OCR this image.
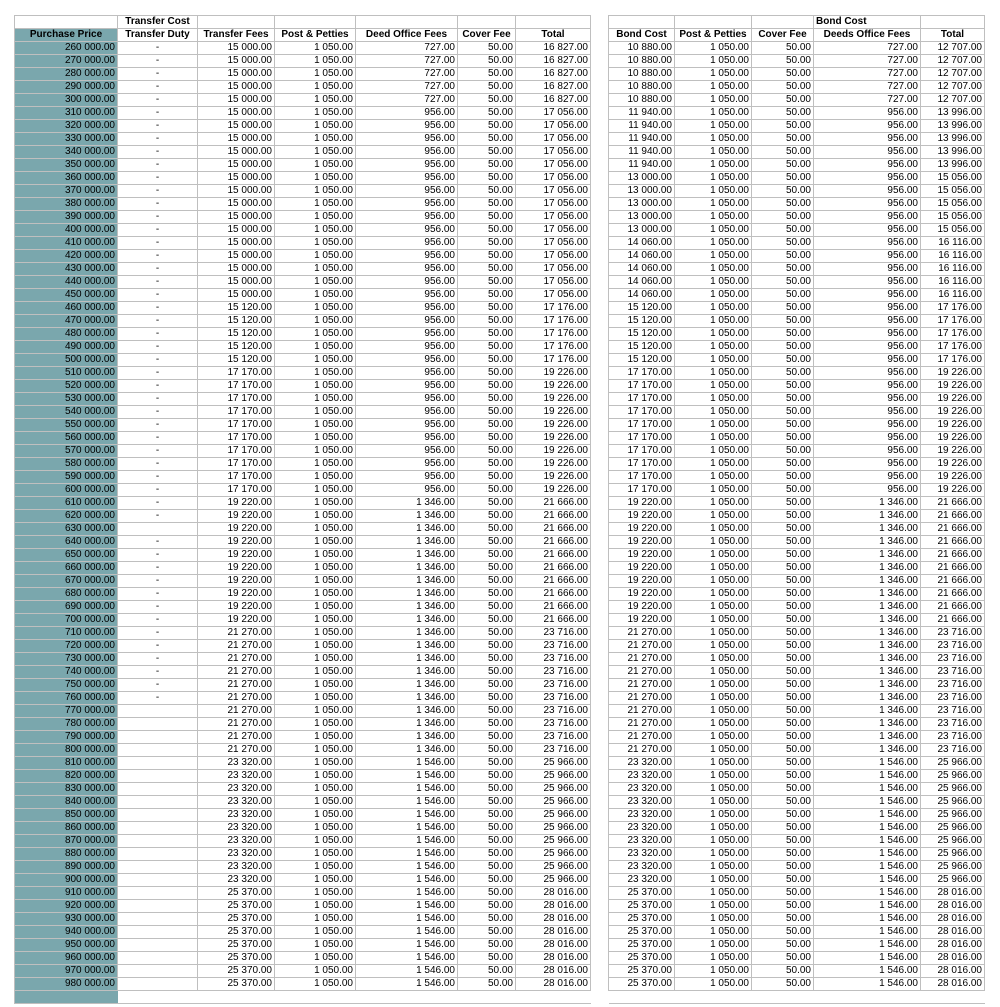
	Transfer Cost										Bond Cost	
Purchase Price	Transfer Duty	Transfer Fees	Post & Petties	Deed Office Fees	Cover Fee	Total		Bond Cost	Post & Petties	Cover Fee	Deeds Office Fees	Total
260 000.00	-	15 000.00	1 050.00	727.00	50.00	16 827.00		10 880.00	1 050.00	50.00	727.00	12 707.00
270 000.00	-	15 000.00	1 050.00	727.00	50.00	16 827.00		10 880.00	1 050.00	50.00	727.00	12 707.00
280 000.00	-	15 000.00	1 050.00	727.00	50.00	16 827.00		10 880.00	1 050.00	50.00	727.00	12 707.00
290 000.00	-	15 000.00	1 050.00	727.00	50.00	16 827.00		10 880.00	1 050.00	50.00	727.00	12 707.00
300 000.00	-	15 000.00	1 050.00	727.00	50.00	16 827.00		10 880.00	1 050.00	50.00	727.00	12 707.00
310 000.00	-	15 000.00	1 050.00	956.00	50.00	17 056.00		11 940.00	1 050.00	50.00	956.00	13 996.00
320 000.00	-	15 000.00	1 050.00	956.00	50.00	17 056.00		11 940.00	1 050.00	50.00	956.00	13 996.00
330 000.00	-	15 000.00	1 050.00	956.00	50.00	17 056.00		11 940.00	1 050.00	50.00	956.00	13 996.00
340 000.00	-	15 000.00	1 050.00	956.00	50.00	17 056.00		11 940.00	1 050.00	50.00	956.00	13 996.00
350 000.00	-	15 000.00	1 050.00	956.00	50.00	17 056.00		11 940.00	1 050.00	50.00	956.00	13 996.00
360 000.00	-	15 000.00	1 050.00	956.00	50.00	17 056.00		13 000.00	1 050.00	50.00	956.00	15 056.00
370 000.00	-	15 000.00	1 050.00	956.00	50.00	17 056.00		13 000.00	1 050.00	50.00	956.00	15 056.00
380 000.00	-	15 000.00	1 050.00	956.00	50.00	17 056.00		13 000.00	1 050.00	50.00	956.00	15 056.00
390 000.00	-	15 000.00	1 050.00	956.00	50.00	17 056.00		13 000.00	1 050.00	50.00	956.00	15 056.00
400 000.00	-	15 000.00	1 050.00	956.00	50.00	17 056.00		13 000.00	1 050.00	50.00	956.00	15 056.00
410 000.00	-	15 000.00	1 050.00	956.00	50.00	17 056.00		14 060.00	1 050.00	50.00	956.00	16 116.00
420 000.00	-	15 000.00	1 050.00	956.00	50.00	17 056.00		14 060.00	1 050.00	50.00	956.00	16 116.00
430 000.00	-	15 000.00	1 050.00	956.00	50.00	17 056.00		14 060.00	1 050.00	50.00	956.00	16 116.00
440 000.00	-	15 000.00	1 050.00	956.00	50.00	17 056.00		14 060.00	1 050.00	50.00	956.00	16 116.00
450 000.00	-	15 000.00	1 050.00	956.00	50.00	17 056.00		14 060.00	1 050.00	50.00	956.00	16 116.00
460 000.00	-	15 120.00	1 050.00	956.00	50.00	17 176.00		15 120.00	1 050.00	50.00	956.00	17 176.00
470 000.00	-	15 120.00	1 050.00	956.00	50.00	17 176.00		15 120.00	1 050.00	50.00	956.00	17 176.00
480 000.00	-	15 120.00	1 050.00	956.00	50.00	17 176.00		15 120.00	1 050.00	50.00	956.00	17 176.00
490 000.00	-	15 120.00	1 050.00	956.00	50.00	17 176.00		15 120.00	1 050.00	50.00	956.00	17 176.00
500 000.00	-	15 120.00	1 050.00	956.00	50.00	17 176.00		15 120.00	1 050.00	50.00	956.00	17 176.00
510 000.00	-	17 170.00	1 050.00	956.00	50.00	19 226.00		17 170.00	1 050.00	50.00	956.00	19 226.00
520 000.00	-	17 170.00	1 050.00	956.00	50.00	19 226.00		17 170.00	1 050.00	50.00	956.00	19 226.00
530 000.00	-	17 170.00	1 050.00	956.00	50.00	19 226.00		17 170.00	1 050.00	50.00	956.00	19 226.00
540 000.00	-	17 170.00	1 050.00	956.00	50.00	19 226.00		17 170.00	1 050.00	50.00	956.00	19 226.00
550 000.00	-	17 170.00	1 050.00	956.00	50.00	19 226.00		17 170.00	1 050.00	50.00	956.00	19 226.00
560 000.00	-	17 170.00	1 050.00	956.00	50.00	19 226.00		17 170.00	1 050.00	50.00	956.00	19 226.00
570 000.00	-	17 170.00	1 050.00	956.00	50.00	19 226.00		17 170.00	1 050.00	50.00	956.00	19 226.00
580 000.00	-	17 170.00	1 050.00	956.00	50.00	19 226.00		17 170.00	1 050.00	50.00	956.00	19 226.00
590 000.00	-	17 170.00	1 050.00	956.00	50.00	19 226.00		17 170.00	1 050.00	50.00	956.00	19 226.00
600 000.00	-	17 170.00	1 050.00	956.00	50.00	19 226.00		17 170.00	1 050.00	50.00	956.00	19 226.00
610 000.00	-	19 220.00	1 050.00	1 346.00	50.00	21 666.00		19 220.00	1 050.00	50.00	1 346.00	21 666.00
620 000.00	-	19 220.00	1 050.00	1 346.00	50.00	21 666.00		19 220.00	1 050.00	50.00	1 346.00	21 666.00
630 000.00		19 220.00	1 050.00	1 346.00	50.00	21 666.00		19 220.00	1 050.00	50.00	1 346.00	21 666.00
640 000.00	-	19 220.00	1 050.00	1 346.00	50.00	21 666.00		19 220.00	1 050.00	50.00	1 346.00	21 666.00
650 000.00	-	19 220.00	1 050.00	1 346.00	50.00	21 666.00		19 220.00	1 050.00	50.00	1 346.00	21 666.00
660 000.00	-	19 220.00	1 050.00	1 346.00	50.00	21 666.00		19 220.00	1 050.00	50.00	1 346.00	21 666.00
670 000.00	-	19 220.00	1 050.00	1 346.00	50.00	21 666.00		19 220.00	1 050.00	50.00	1 346.00	21 666.00
680 000.00	-	19 220.00	1 050.00	1 346.00	50.00	21 666.00		19 220.00	1 050.00	50.00	1 346.00	21 666.00
690 000.00	-	19 220.00	1 050.00	1 346.00	50.00	21 666.00		19 220.00	1 050.00	50.00	1 346.00	21 666.00
700 000.00	-	19 220.00	1 050.00	1 346.00	50.00	21 666.00		19 220.00	1 050.00	50.00	1 346.00	21 666.00
710 000.00	-	21 270.00	1 050.00	1 346.00	50.00	23 716.00		21 270.00	1 050.00	50.00	1 346.00	23 716.00
720 000.00	-	21 270.00	1 050.00	1 346.00	50.00	23 716.00		21 270.00	1 050.00	50.00	1 346.00	23 716.00
730 000.00	-	21 270.00	1 050.00	1 346.00	50.00	23 716.00		21 270.00	1 050.00	50.00	1 346.00	23 716.00
740 000.00	-	21 270.00	1 050.00	1 346.00	50.00	23 716.00		21 270.00	1 050.00	50.00	1 346.00	23 716.00
750 000.00	-	21 270.00	1 050.00	1 346.00	50.00	23 716.00		21 270.00	1 050.00	50.00	1 346.00	23 716.00
760 000.00	-	21 270.00	1 050.00	1 346.00	50.00	23 716.00		21 270.00	1 050.00	50.00	1 346.00	23 716.00
770 000.00		21 270.00	1 050.00	1 346.00	50.00	23 716.00		21 270.00	1 050.00	50.00	1 346.00	23 716.00
780 000.00		21 270.00	1 050.00	1 346.00	50.00	23 716.00		21 270.00	1 050.00	50.00	1 346.00	23 716.00
790 000.00		21 270.00	1 050.00	1 346.00	50.00	23 716.00		21 270.00	1 050.00	50.00	1 346.00	23 716.00
800 000.00		21 270.00	1 050.00	1 346.00	50.00	23 716.00		21 270.00	1 050.00	50.00	1 346.00	23 716.00
810 000.00		23 320.00	1 050.00	1 546.00	50.00	25 966.00		23 320.00	1 050.00	50.00	1 546.00	25 966.00
820 000.00		23 320.00	1 050.00	1 546.00	50.00	25 966.00		23 320.00	1 050.00	50.00	1 546.00	25 966.00
830 000.00		23 320.00	1 050.00	1 546.00	50.00	25 966.00		23 320.00	1 050.00	50.00	1 546.00	25 966.00
840 000.00		23 320.00	1 050.00	1 546.00	50.00	25 966.00		23 320.00	1 050.00	50.00	1 546.00	25 966.00
850 000.00		23 320.00	1 050.00	1 546.00	50.00	25 966.00		23 320.00	1 050.00	50.00	1 546.00	25 966.00
860 000.00		23 320.00	1 050.00	1 546.00	50.00	25 966.00		23 320.00	1 050.00	50.00	1 546.00	25 966.00
870 000.00		23 320.00	1 050.00	1 546.00	50.00	25 966.00		23 320.00	1 050.00	50.00	1 546.00	25 966.00
880 000.00		23 320.00	1 050.00	1 546.00	50.00	25 966.00		23 320.00	1 050.00	50.00	1 546.00	25 966.00
890 000.00		23 320.00	1 050.00	1 546.00	50.00	25 966.00		23 320.00	1 050.00	50.00	1 546.00	25 966.00
900 000.00		23 320.00	1 050.00	1 546.00	50.00	25 966.00		23 320.00	1 050.00	50.00	1 546.00	25 966.00
910 000.00		25 370.00	1 050.00	1 546.00	50.00	28 016.00		25 370.00	1 050.00	50.00	1 546.00	28 016.00
920 000.00		25 370.00	1 050.00	1 546.00	50.00	28 016.00		25 370.00	1 050.00	50.00	1 546.00	28 016.00
930 000.00		25 370.00	1 050.00	1 546.00	50.00	28 016.00		25 370.00	1 050.00	50.00	1 546.00	28 016.00
940 000.00		25 370.00	1 050.00	1 546.00	50.00	28 016.00		25 370.00	1 050.00	50.00	1 546.00	28 016.00
950 000.00		25 370.00	1 050.00	1 546.00	50.00	28 016.00		25 370.00	1 050.00	50.00	1 546.00	28 016.00
960 000.00		25 370.00	1 050.00	1 546.00	50.00	28 016.00		25 370.00	1 050.00	50.00	1 546.00	28 016.00
970 000.00		25 370.00	1 050.00	1 546.00	50.00	28 016.00		25 370.00	1 050.00	50.00	1 546.00	28 016.00
980 000.00		25 370.00	1 050.00	1 546.00	50.00	28 016.00		25 370.00	1 050.00	50.00	1 546.00	28 016.00
